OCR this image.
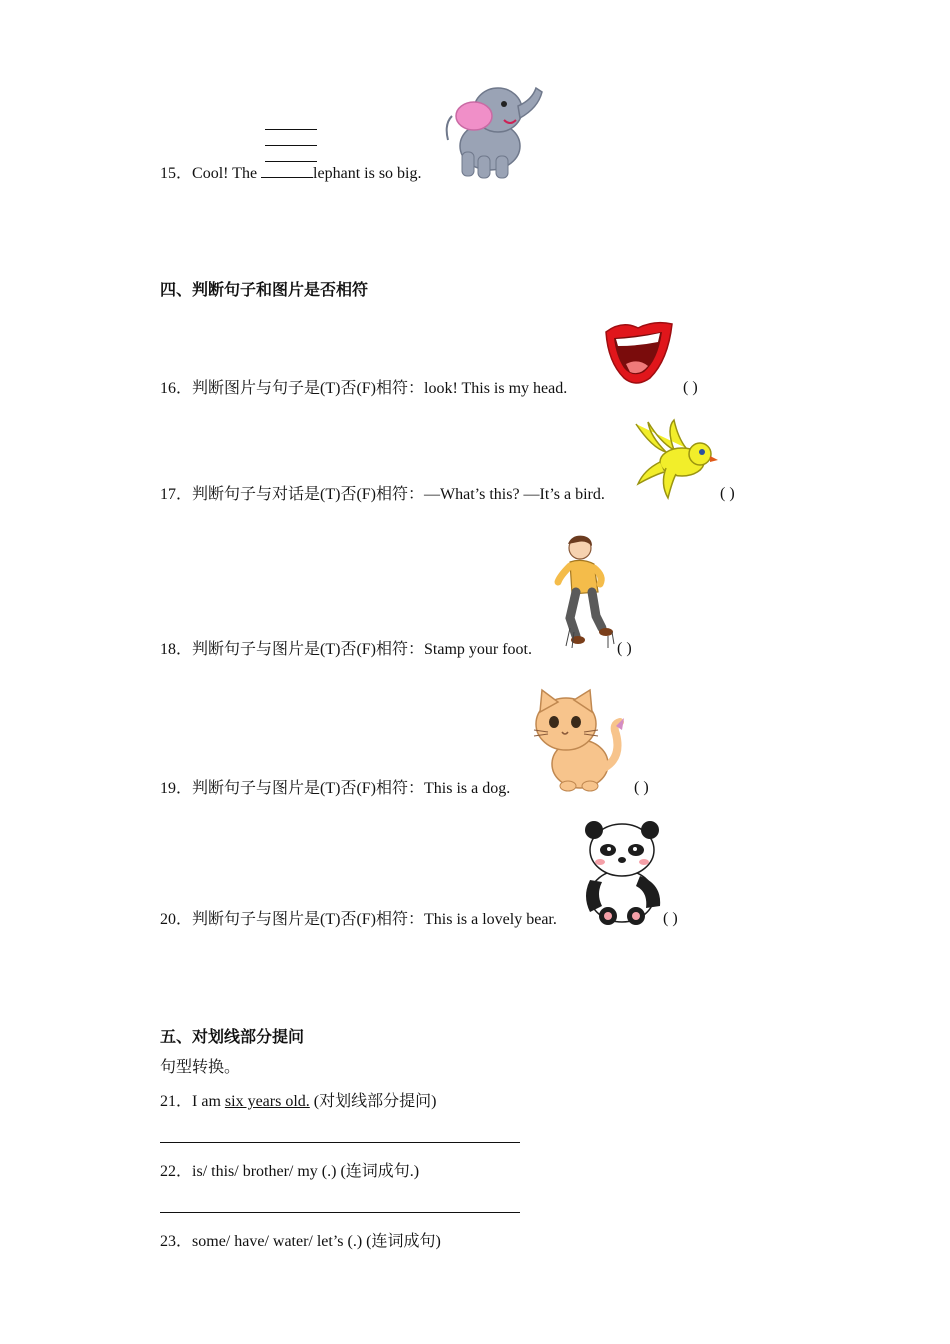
15．Cool! The	lephant is so big.
四、判断句子和图片是否相符
16．判断图片与句子是(T)否(F)相符：look! This is my head.	( )
17．判断句子与对话是(T)否(F)相符：—What’s this? —It’s a bird.	( )
18．判断句子与图片是(T)否(F)相符：Stamp your foot.	( )
19．判断句子与图片是(T)否(F)相符：This is a dog.	( )
20．判断句子与图片是(T)否(F)相符：This is a lovely bear.	( )
五、对划线部分提问
句型转换。
21．I am six years old. (对划线部分提问)
22．is/ this/ brother/ my (.) (连词成句.)
23．some/ have/ water/ let’s (.) (连词成句)
